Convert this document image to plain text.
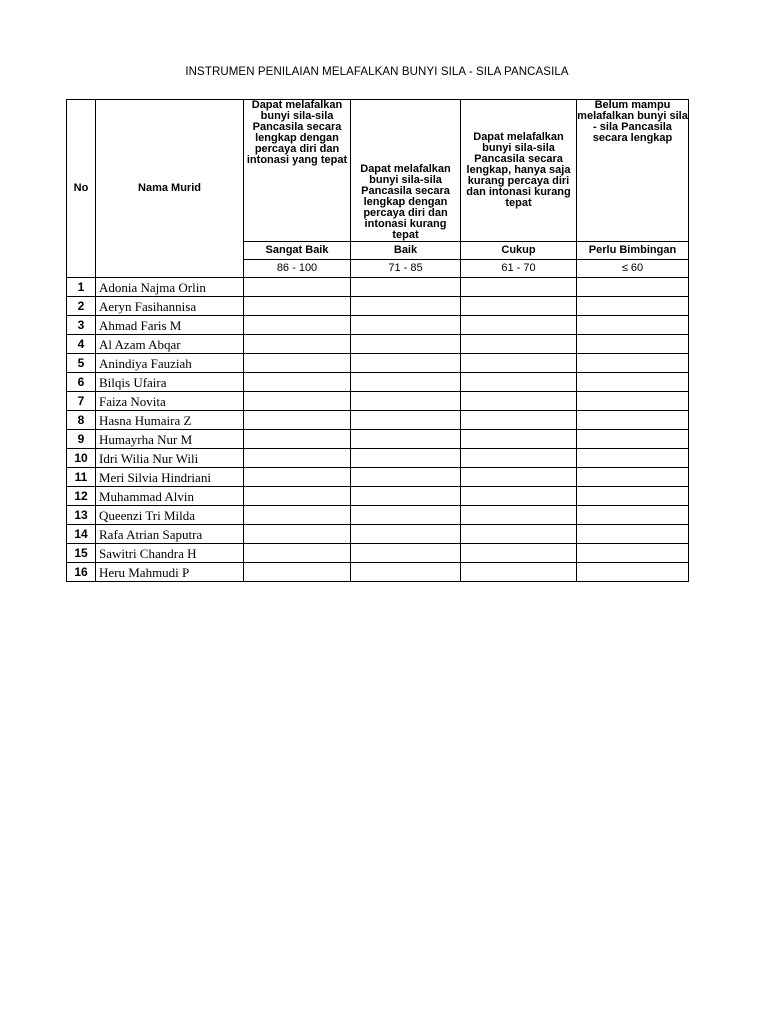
INSTRUMEN PENILAIAN MELAFALKAN BUNYI SILA - SILA PANCASILA
No	Nama Murid	Dapat melafalkan bunyi sila-sila Pancasila secara lengkap dengan percaya diri dan intonasi yang tepat	Dapat melafalkan bunyi sila-sila Pancasila secara lengkap dengan percaya diri dan intonasi kurang tepat	Dapat melafalkan bunyi sila-sila Pancasila secara lengkap, hanya saja kurang percaya diri dan intonasi kurang tepat	Belum mampu melafalkan bunyi sila - sila Pancasila secara lengkap
		Sangat Baik	Baik	Cukup	Perlu Bimbingan
		86 - 100	71 - 85	61 - 70	≤ 60
1	Adonia Najma Orlin				
2	Aeryn Fasihannisa				
3	Ahmad Faris M				
4	Al Azam Abqar				
5	Anindiya Fauziah				
6	Bilqis Ufaira				
7	Faiza Novita				
8	Hasna Humaira Z				
9	Humayrha Nur M				
10	Idri Wilia Nur Wili				
11	Meri Silvia Hindriani				
12	Muhammad Alvin				
13	Queenzi Tri Milda				
14	Rafa Atrian Saputra				
15	Sawitri Chandra H				
16	Heru Mahmudi P				
